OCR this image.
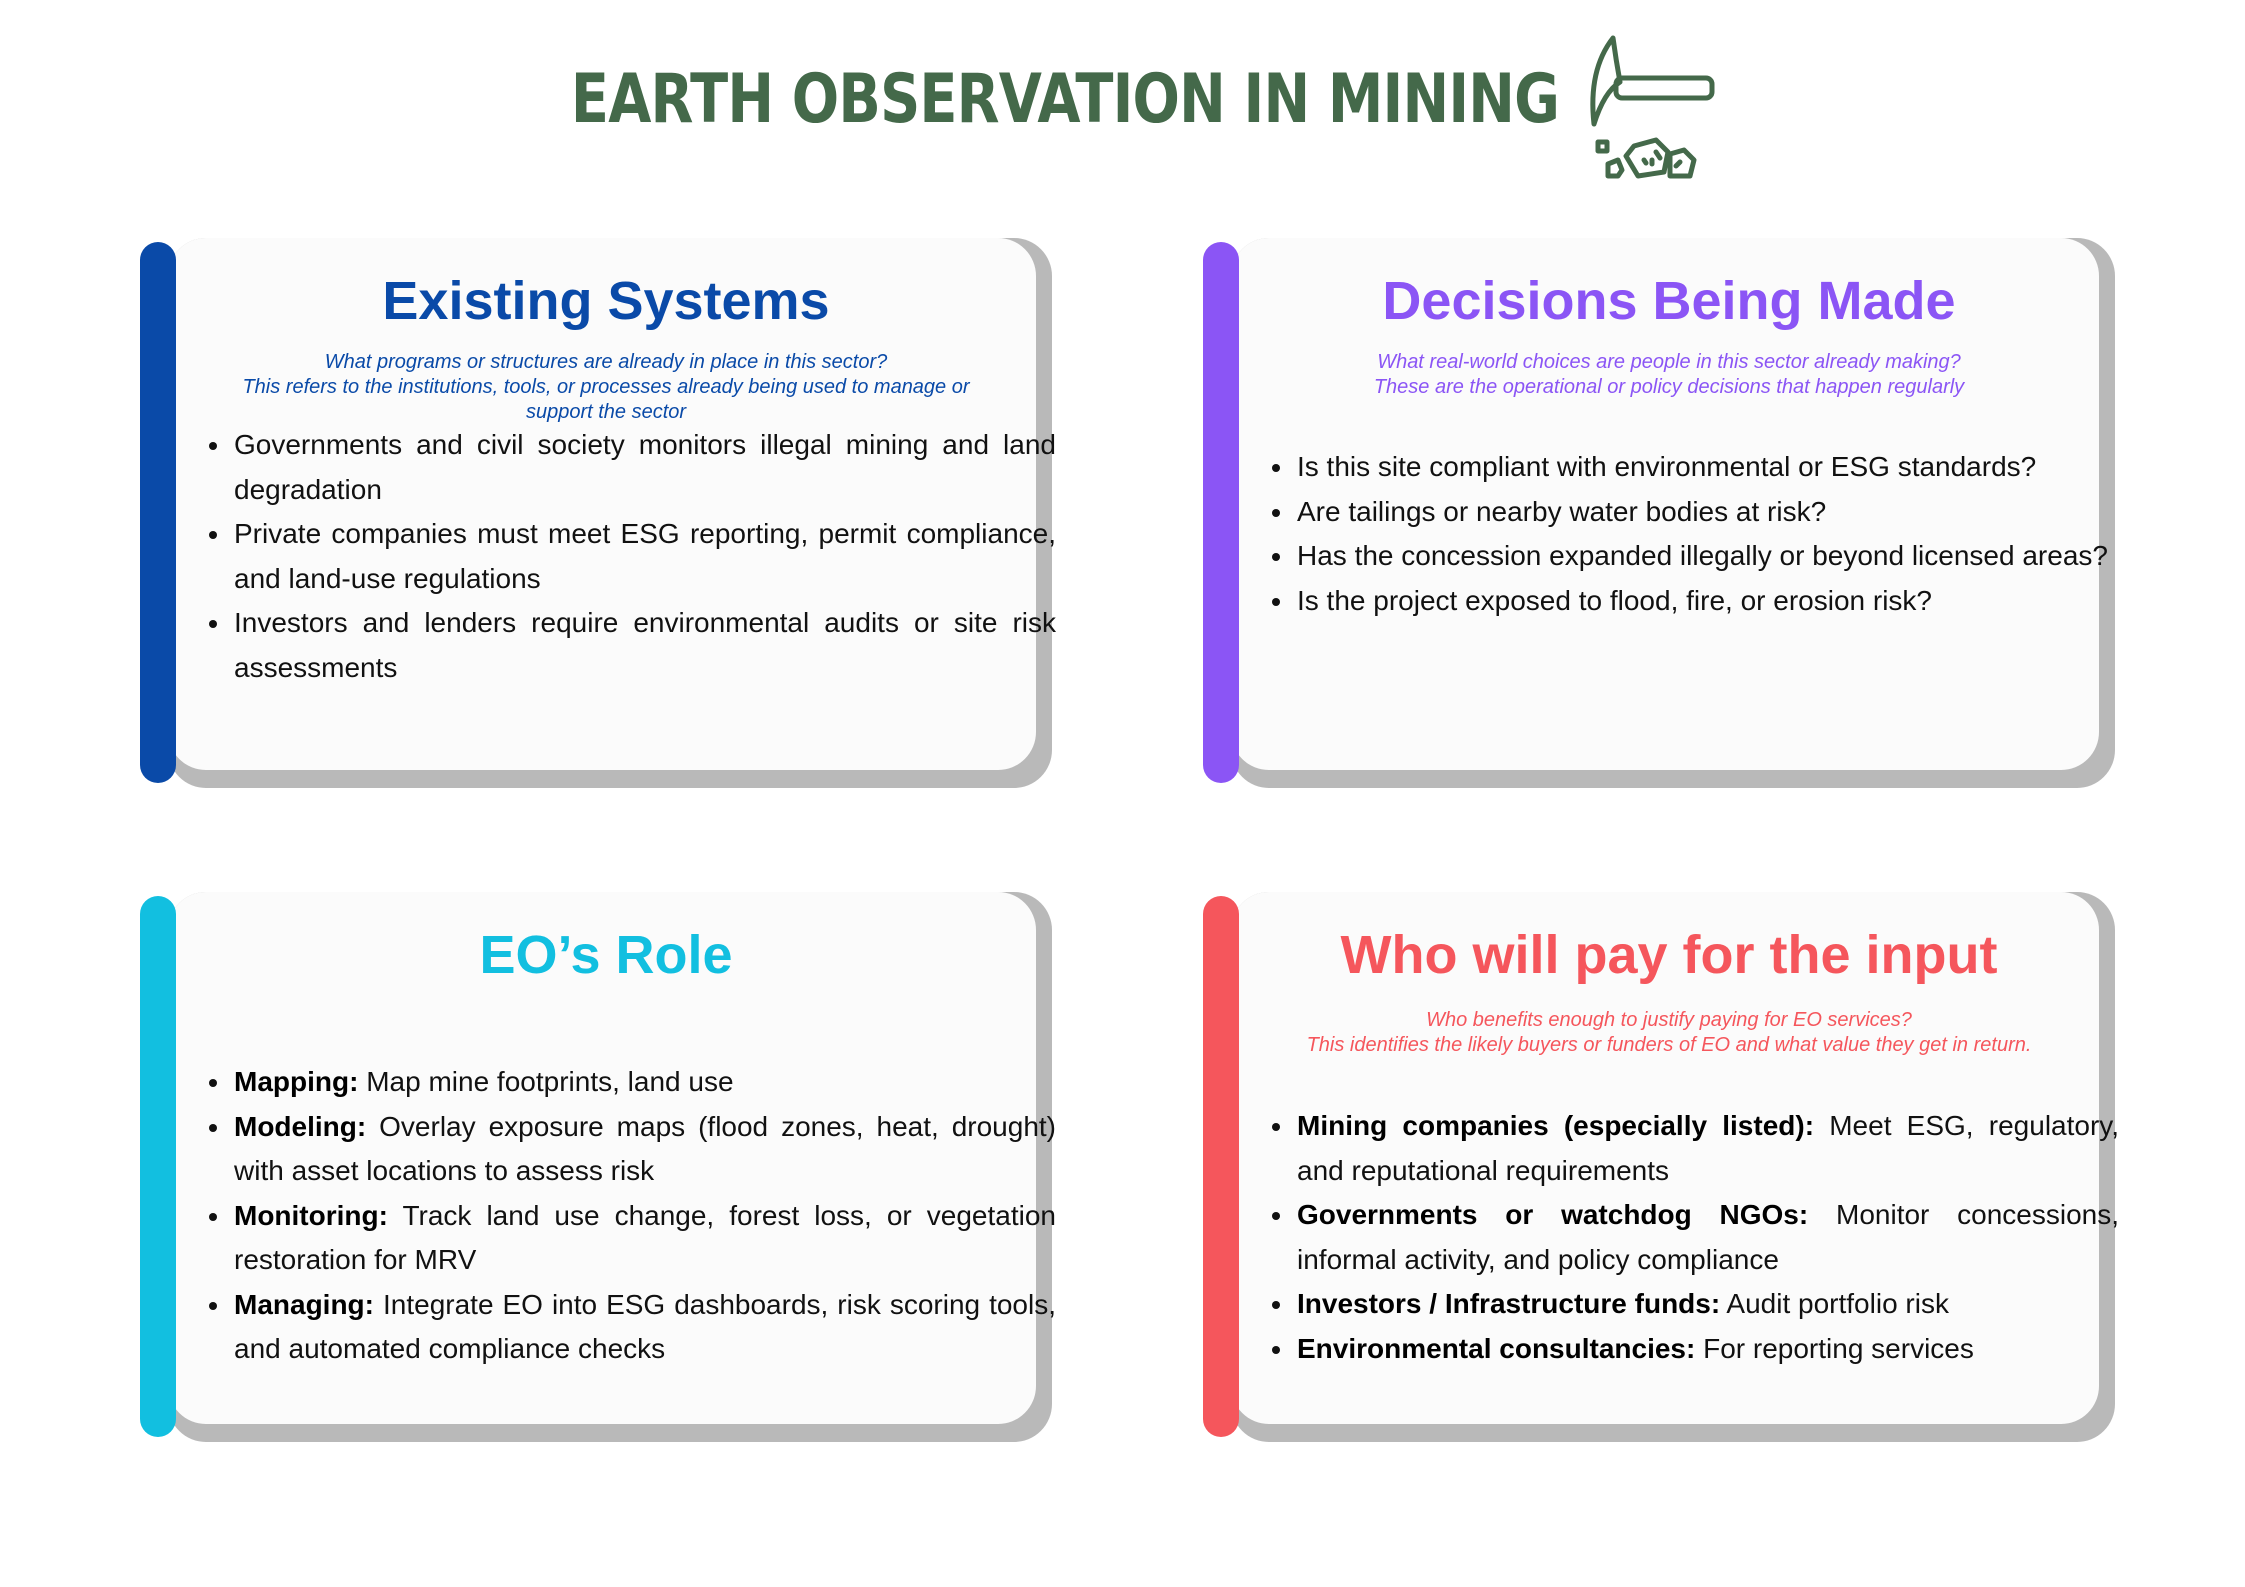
EARTH OBSERVATION IN MINING
Existing Systems
What programs or structures are already in place in this sector?
This refers to the institutions, tools, or processes already being used to manage or support the sector
• Governments and civil society monitors illegal mining and land degradation
• Private companies must meet ESG reporting, permit compliance, and land-use regulations
• Investors and lenders require environmental audits or site risk assessments
Decisions Being Made
What real-world choices are people in this sector already making?
These are the operational or policy decisions that happen regularly
• Is this site compliant with environmental or ESG standards?
• Are tailings or nearby water bodies at risk?
• Has the concession expanded illegally or beyond licensed areas?
• Is the project exposed to flood, fire, or erosion risk?
EO’s Role
• Mapping: Map mine footprints, land use
• Modeling: Overlay exposure maps (flood zones, heat, drought) with asset locations to assess risk
• Monitoring: Track land use change, forest loss, or vegetation restoration for MRV
• Managing: Integrate EO into ESG dashboards, risk scoring tools, and automated compliance checks
Who will pay for the input
Who benefits enough to justify paying for EO services?
This identifies the likely buyers or funders of EO and what value they get in return.
• Mining companies (especially listed): Meet ESG, regulatory, and reputational requirements
• Governments or watchdog NGOs: Monitor concessions, informal activity, and policy compliance
• Investors / Infrastructure funds: Audit portfolio risk
• Environmental consultancies: For reporting services
